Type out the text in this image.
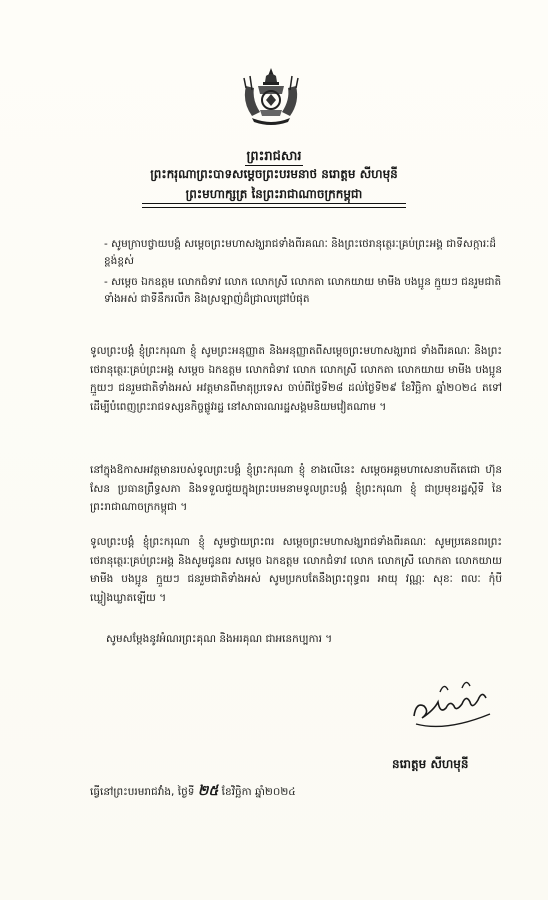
ព្រះរាជសារ
ព្រះករុណាព្រះបាទសម្តេចព្រះបរមនាថ នរោត្តម សីហមុនី
ព្រះមហាក្សត្រ នៃព្រះរាជាណាចក្រកម្ពុជា
- សូមក្រាបថ្វាយបង្គំ សម្តេចព្រះមហាសង្ឃរាជទាំងពីរគណៈ និងព្រះថេរានុត្ថេរៈគ្រប់ព្រះអង្គ ជាទីសក្ការៈដ៏ខ្ពង់ខ្ពស់
- សម្តេច ឯកឧត្តម លោកជំទាវ លោក លោកស្រី លោកតា លោកយាយ មាមីង បងប្អូន ក្មួយៗ ជនរួមជាតិទាំងអស់ ជាទីនឹករលឹក និងស្រឡាញ់ដ៏ជ្រាលជ្រៅបំផុត
ទូលព្រះបង្គំ ខ្ញុំព្រះករុណា ខ្ញុំ សូមព្រះអនុញ្ញាត និងអនុញ្ញាតពីសម្តេចព្រះមហាសង្ឃរាជ ទាំងពីរគណៈ និងព្រះថេរានុត្ថេរៈគ្រប់ព្រះអង្គ សម្តេច ឯកឧត្តម លោកជំទាវ លោក លោកស្រី លោកតា លោកយាយ មាមីង បងប្អូន ក្មួយៗ ជនរួមជាតិទាំងអស់ អវត្តមានពីមាតុប្រទេស ចាប់ពីថ្ងៃទី២៨ ដល់ថ្ងៃទី២៩ ខែវិច្ឆិកា ឆ្នាំ២០២៤ តទៅ ដើម្បីបំពេញព្រះរាជទស្សនកិច្ចផ្លូវរដ្ឋ នៅសាធារណរដ្ឋសង្គមនិយមវៀតណាម ។
នៅក្នុងឱកាសអវត្តមានរបស់ទូលព្រះបង្គំ ខ្ញុំព្រះករុណា ខ្ញុំ ខាងលើនេះ សម្តេចអគ្គមហាសេនាបតីតេជោ ហ៊ុន សែន ប្រធានព្រឹទ្ធសភា និងទទួលជួយក្នុងព្រះបរមនាមទូលព្រះបង្គំ ខ្ញុំព្រះករុណា ខ្ញុំ ជាប្រមុខរដ្ឋស្តីទី នៃព្រះរាជាណាចក្រកម្ពុជា ។
ទូលព្រះបង្គំ ខ្ញុំព្រះករុណា ខ្ញុំ សូមថ្វាយព្រះពរ សម្តេចព្រះមហាសង្ឃរាជទាំងពីរគណៈ សូមប្រគេនពរព្រះថេរានុត្ថេរៈគ្រប់ព្រះអង្គ និងសូមជូនពរ សម្តេច ឯកឧត្តម លោកជំទាវ លោក លោកស្រី លោកតា លោកយាយ មាមីង បងប្អូន ក្មួយៗ ជនរួមជាតិទាំងអស់ សូមប្រកបតែនឹងព្រះពុទ្ធពរ អាយុ វណ្ណៈ សុខៈ ពលៈ កុំបីឃ្លៀងឃ្លាតឡើយ ។
សូមសម្តែងនូវអំណរព្រះគុណ និងអរគុណ ជាអនេកប្បការ ។
នរោត្តម សីហមុនី
ធ្វើនៅព្រះបរមរាជវាំង, ថ្ងៃទី ២៥ ខែវិច្ឆិកា ឆ្នាំ២០២៤
